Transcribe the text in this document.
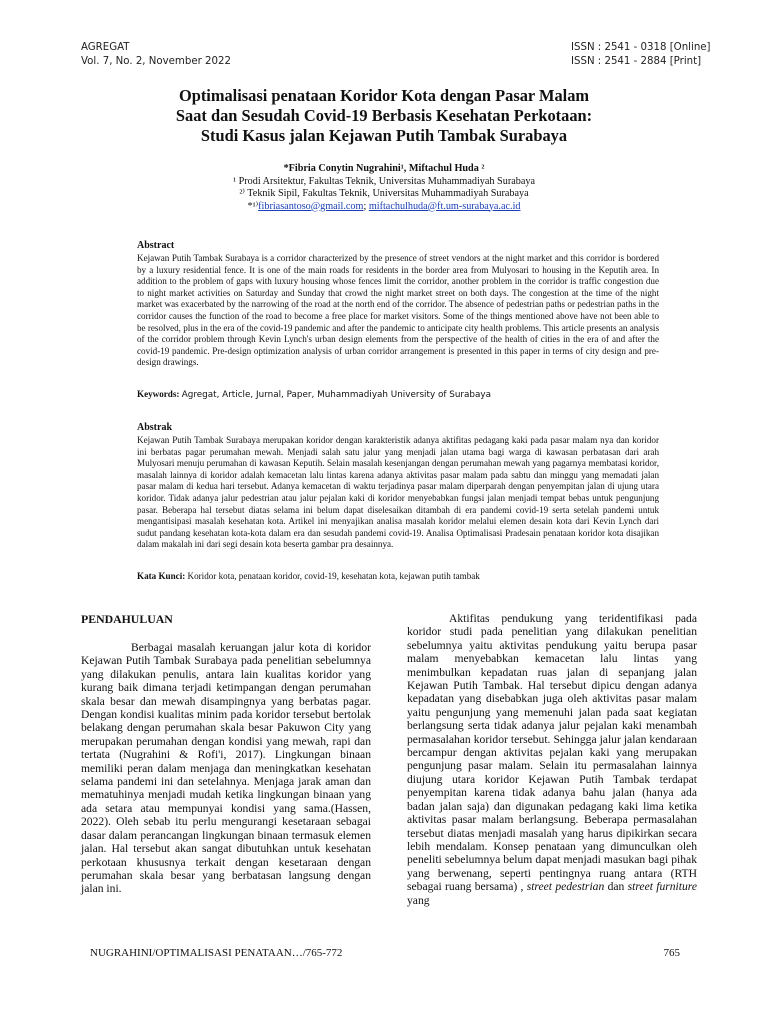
AGREGAT
Vol. 7, No. 2, November 2022
ISSN : 2541 - 0318 [Online]
ISSN : 2541 - 2884 [Print]
Optimalisasi penataan Koridor Kota dengan Pasar Malam
Saat dan Sesudah Covid-19 Berbasis Kesehatan Perkotaan:
Studi Kasus jalan Kejawan Putih Tambak Surabaya
*Fibria Conytin Nugrahini¹, Miftachul Huda ²
¹ Prodi Arsitektur, Fakultas Teknik, Universitas Muhammadiyah Surabaya
²⁾ Teknik Sipil, Fakultas Teknik, Universitas Muhammadiyah Surabaya
*¹⁾fibriasantoso@gmail.com; miftachulhuda@ft.um-surabaya.ac.id
Abstract

Kejawan Putih Tambak Surabaya is a corridor characterized by the presence of street vendors at the night market and this corridor is bordered by a luxury residential fence. It is one of the main roads for residents in the border area from Mulyosari to housing in the Keputih area. In addition to the problem of gaps with luxury housing whose fences limit the corridor, another problem in the corridor is traffic congestion due to night market activities on Saturday and Sunday that crowd the night market street on both days. The congestion at the time of the night market was exacerbated by the narrowing of the road at the north end of the corridor. The absence of pedestrian paths or pedestrian paths in the corridor causes the function of the road to become a free place for market visitors. Some of the things mentioned above have not been able to be resolved, plus in the era of the covid-19 pandemic and after the pandemic to anticipate city health problems. This article presents an analysis of the corridor problem through Kevin Lynch's urban design elements from the perspective of the health of cities in the era of and after the covid-19 pandemic. Pre-design optimization analysis of urban corridor arrangement is presented in this paper in terms of city design and pre-design drawings.

Keywords: Agregat, Article, Jurnal, Paper, Muhammadiyah University of Surabaya
Abstrak

Kejawan Putih Tambak Surabaya merupakan koridor dengan karakteristik adanya aktifitas pedagang kaki pada pasar malam nya dan koridor ini berbatas pagar perumahan mewah. Menjadi salah satu jalur yang menjadi jalan utama bagi warga di kawasan perbatasan dari arah Mulyosari menuju perumahan di kawasan Keputih. Selain masalah kesenjangan dengan perumahan mewah yang pagarnya membatasi koridor, masalah lainnya di koridor adalah kemacetan lalu lintas karena adanya aktivitas pasar malam pada sabtu dan minggu yang memadati jalan pasar malam di kedua hari tersebut. Adanya kemacetan di waktu terjadinya pasar malam diperparah dengan penyempitan jalan di ujung utara koridor. Tidak adanya jalur pedestrian atau jalur pejalan kaki di koridor menyebabkan fungsi jalan menjadi tempat bebas untuk pengunjung pasar. Beberapa hal tersebut diatas selama ini belum dapat diselesaikan ditambah di era pandemi covid-19 serta setelah pandemi untuk mengantisipasi masalah kesehatan kota. Artikel ini menyajikan analisa masalah koridor melalui elemen desain kota dari Kevin Lynch dari sudut pandang kesehatan kota-kota dalam era dan sesudah pandemi covid-19. Analisa Optimalisasi Pradesain penataan koridor kota disajikan dalam makalah ini dari segi desain kota beserta gambar pra desainnya.

Kata Kunci: Koridor kota, penataan koridor, covid-19, kesehatan kota, kejawan putih tambak
PENDAHULUAN

Berbagai masalah keruangan jalur kota di koridor Kejawan Putih Tambak Surabaya pada penelitian sebelumnya yang dilakukan penulis, antara lain kualitas koridor yang kurang baik dimana terjadi ketimpangan dengan perumahan skala besar dan mewah disampingnya yang berbatas pagar. Dengan kondisi kualitas minim pada koridor tersebut bertolak belakang dengan perumahan skala besar Pakuwon City yang merupakan perumahan dengan kondisi yang mewah, rapi dan tertata (Nugrahini & Rofi'i, 2017). Lingkungan binaan memiliki peran dalam menjaga dan meningkatkan kesehatan selama pandemi ini dan setelahnya. Menjaga jarak aman dan mematuhinya menjadi mudah ketika lingkungan binaan yang ada setara atau mempunyai kondisi yang sama.(Hassen, 2022). Oleh sebab itu perlu mengurangi kesetaraan sebagai dasar dalam perancangan lingkungan binaan termasuk elemen jalan. Hal tersebut akan sangat dibutuhkan untuk kesehatan perkotaan khususnya terkait dengan kesetaraan dengan perumahan skala besar yang berbatasan langsung dengan jalan ini.

Aktifitas pendukung yang teridentifikasi pada koridor studi pada penelitian yang dilakukan penelitian sebelumnya yaitu aktivitas pendukung yaitu berupa pasar malam menyebabkan kemacetan lalu lintas yang menimbulkan kepadatan ruas jalan di sepanjang jalan Kejawan Putih Tambak. Hal tersebut dipicu dengan adanya kepadatan yang disebabkan juga oleh aktivitas pasar malam yaitu pengunjung yang memenuhi jalan pada saat kegiatan berlangsung serta tidak adanya jalur pejalan kaki menambah permasalahan koridor tersebut. Sehingga jalur jalan kendaraan bercampur dengan aktivitas pejalan kaki yang merupakan pengunjung pasar malam. Selain itu permasalahan lainnya diujung utara koridor Kejawan Putih Tambak terdapat penyempitan karena tidak adanya bahu jalan (hanya ada badan jalan saja) dan digunakan pedagang kaki lima ketika aktivitas pasar malam berlangsung. Beberapa permasalahan tersebut diatas menjadi masalah yang harus dipikirkan secara lebih mendalam. Konsep penataan yang dimunculkan oleh peneliti sebelumnya belum dapat menjadi masukan bagi pihak yang berwenang, seperti pentingnya ruang antara (RTH sebagai ruang bersama) , street pedestrian dan street furniture yang

NUGRAHINI/OPTIMALISASI PENATAAN…/765-772	765
